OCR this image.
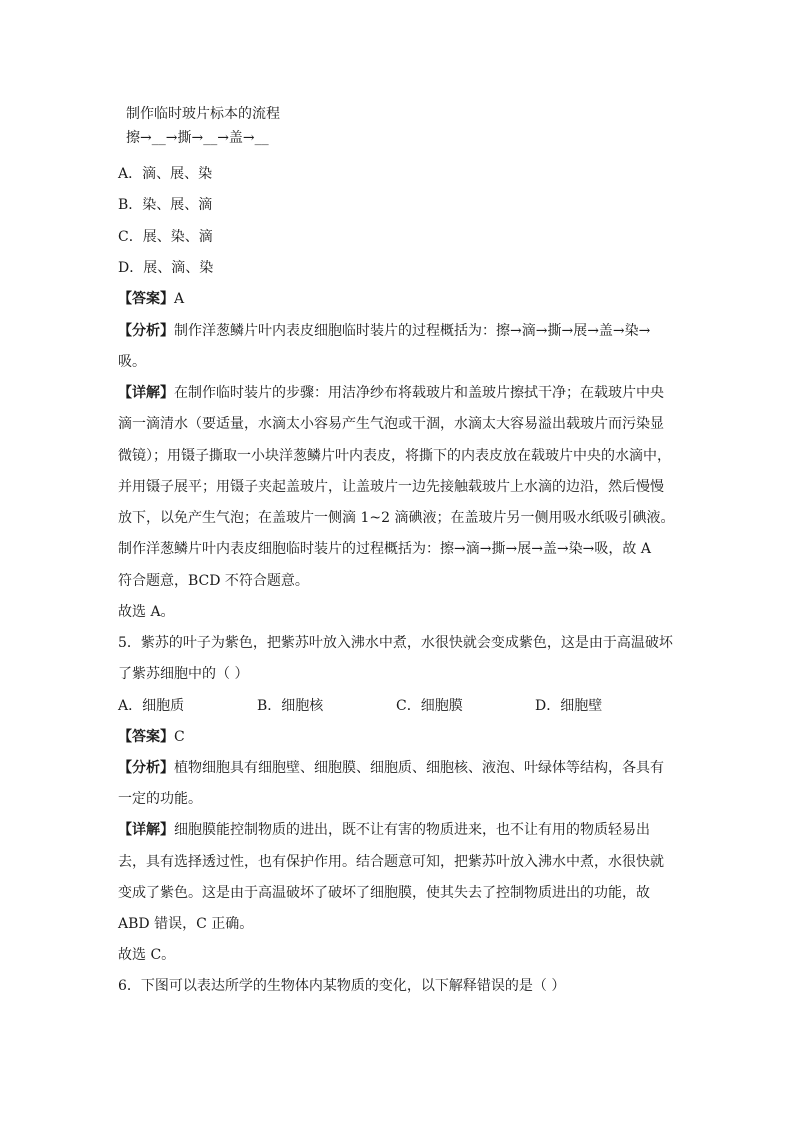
制作临时玻片标本的流程
擦→__→撕→__→盖→__
A．滴、展、染
B．染、展、滴
C．展、染、滴
D．展、滴、染
【答案】A
【分析】制作洋葱鳞片叶内表皮细胞临时装片的过程概括为：擦→滴→撕→展→盖→染→
吸。
【详解】在制作临时装片的步骤：用洁净纱布将载玻片和盖玻片擦拭干净；在载玻片中央
滴一滴清水（要适量，水滴太小容易产生气泡或干涸，水滴太大容易溢出载玻片而污染显
微镜）；用镊子撕取一小块洋葱鳞片叶内表皮，将撕下的内表皮放在载玻片中央的水滴中，
并用镊子展平；用镊子夹起盖玻片，让盖玻片一边先接触载玻片上水滴的边沿，然后慢慢
放下，以免产生气泡；在盖玻片一侧滴 1~2 滴碘液；在盖玻片另一侧用吸水纸吸引碘液。
制作洋葱鳞片叶内表皮细胞临时装片的过程概括为：擦→滴→撕→展→盖→染→吸，故 A
符合题意，BCD 不符合题意。
故选 A。
5．紫苏的叶子为紫色，把紫苏叶放入沸水中煮，水很快就会变成紫色，这是由于高温破坏
了紫苏细胞中的（ ）
A．细胞质	B．细胞核	C．细胞膜	D．细胞壁
【答案】C
【分析】植物细胞具有细胞壁、细胞膜、细胞质、细胞核、液泡、叶绿体等结构，各具有
一定的功能。
【详解】细胞膜能控制物质的进出，既不让有害的物质进来，也不让有用的物质轻易出
去，具有选择透过性，也有保护作用。结合题意可知，把紫苏叶放入沸水中煮，水很快就
变成了紫色。这是由于高温破坏了破坏了细胞膜，使其失去了控制物质进出的功能，故
ABD 错误，C 正确。
故选 C。
6．下图可以表达所学的生物体内某物质的变化，以下解释错误的是（ ）
